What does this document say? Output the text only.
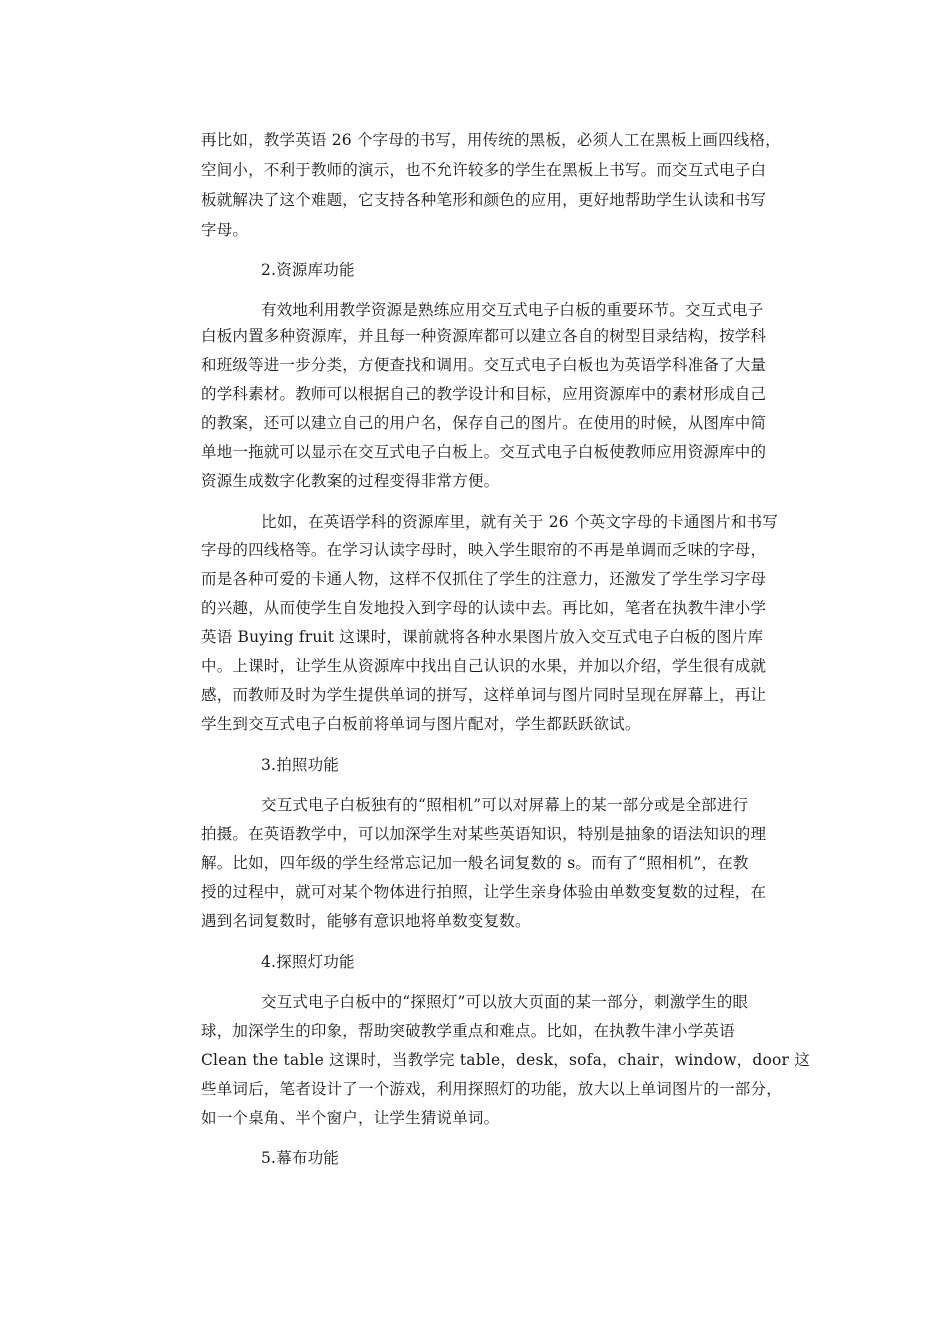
再比如，教学英语 26 个字母的书写，用传统的黑板，必须人工在黑板上画四线格，
空间小，不利于教师的演示，也不允许较多的学生在黑板上书写。而交互式电子白
板就解决了这个难题，它支持各种笔形和颜色的应用，更好地帮助学生认读和书写
字母。
2.资源库功能
有效地利用教学资源是熟练应用交互式电子白板的重要环节。交互式电子
白板内置多种资源库，并且每一种资源库都可以建立各自的树型目录结构，按学科
和班级等进一步分类，方便查找和调用。交互式电子白板也为英语学科准备了大量
的学科素材。教师可以根据自己的教学设计和目标，应用资源库中的素材形成自己
的教案，还可以建立自己的用户名，保存自己的图片。在使用的时候，从图库中简
单地一拖就可以显示在交互式电子白板上。交互式电子白板使教师应用资源库中的
资源生成数字化教案的过程变得非常方便。
比如，在英语学科的资源库里，就有关于 26 个英文字母的卡通图片和书写
字母的四线格等。在学习认读字母时，映入学生眼帘的不再是单调而乏味的字母，
而是各种可爱的卡通人物，这样不仅抓住了学生的注意力，还激发了学生学习字母
的兴趣，从而使学生自发地投入到字母的认读中去。再比如，笔者在执教牛津小学
英语 Buying fruit 这课时，课前就将各种水果图片放入交互式电子白板的图片库
中。上课时，让学生从资源库中找出自己认识的水果，并加以介绍，学生很有成就
感，而教师及时为学生提供单词的拼写，这样单词与图片同时呈现在屏幕上，再让
学生到交互式电子白板前将单词与图片配对，学生都跃跃欲试。
3.拍照功能
交互式电子白板独有的“照相机”可以对屏幕上的某一部分或是全部进行
拍摄。在英语教学中，可以加深学生对某些英语知识，特别是抽象的语法知识的理
解。比如，四年级的学生经常忘记加一般名词复数的 s。而有了“照相机”，在教
授的过程中，就可对某个物体进行拍照，让学生亲身体验由单数变复数的过程，在
遇到名词复数时，能够有意识地将单数变复数。
4.探照灯功能
交互式电子白板中的“探照灯”可以放大页面的某一部分，刺激学生的眼
球，加深学生的印象，帮助突破教学重点和难点。比如，在执教牛津小学英语
Clean the table 这课时，当教学完 table，desk，sofa，chair，window，door 这
些单词后，笔者设计了一个游戏，利用探照灯的功能，放大以上单词图片的一部分，
如一个桌角、半个窗户，让学生猜说单词。
5.幕布功能
